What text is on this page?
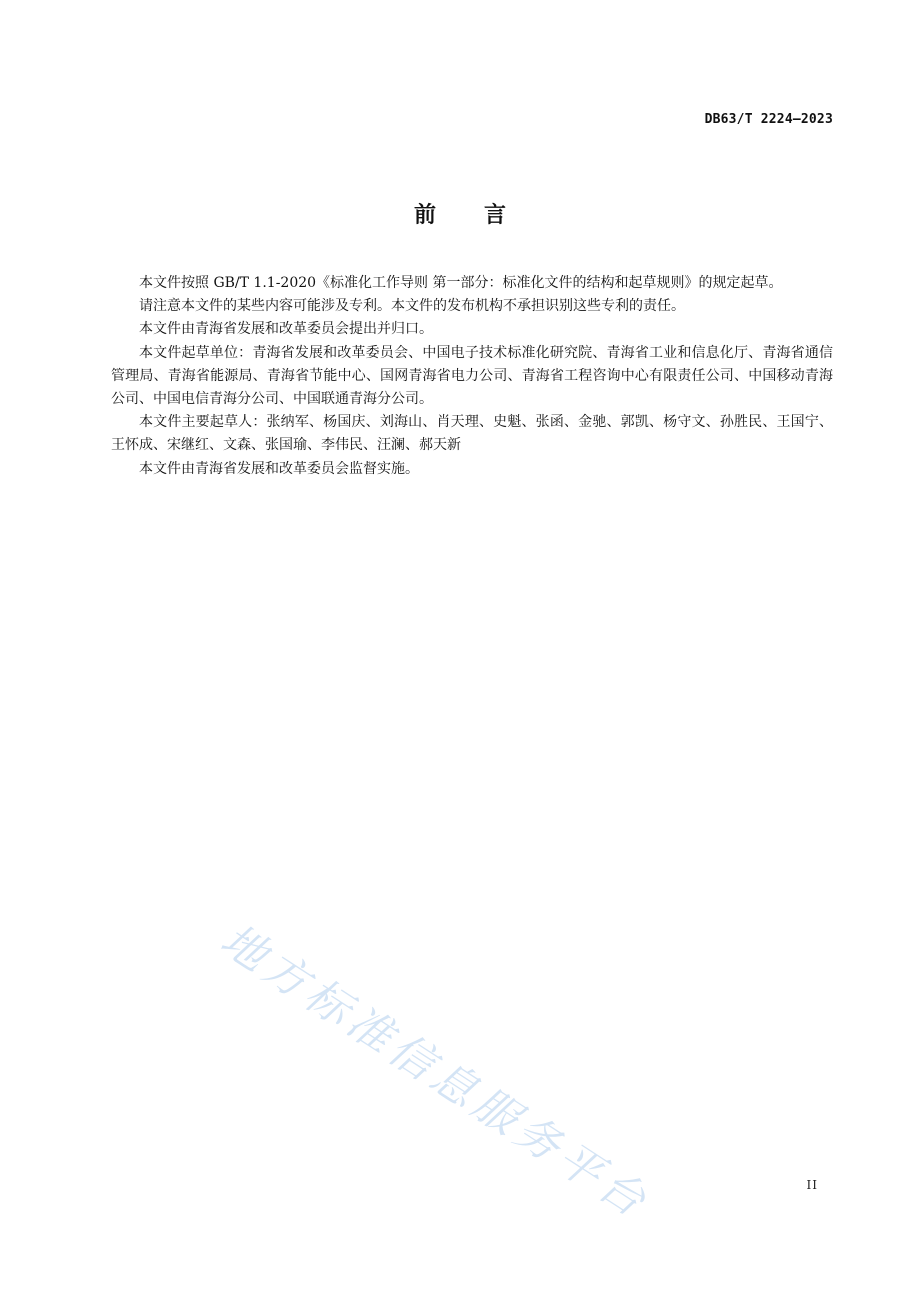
DB63/T 2224—2023
前言

本文件按照 GB/T 1.1-2020《标准化工作导则 第一部分：标准化文件的结构和起草规则》的规定起草。

请注意本文件的某些内容可能涉及专利。本文件的发布机构不承担识别这些专利的责任。

本文件由青海省发展和改革委员会提出并归口。

本文件起草单位：青海省发展和改革委员会、中国电子技术标准化研究院、青海省工业和信息化厅、青海省通信管理局、青海省能源局、青海省节能中心、国网青海省电力公司、青海省工程咨询中心有限责任公司、中国移动青海公司、中国电信青海分公司、中国联通青海分公司。

本文件主要起草人：张纳军、杨国庆、刘海山、肖天理、史魁、张函、金驰、郭凯、杨守文、孙胜民、王国宁、王怀成、宋继红、文森、张国瑜、李伟民、汪澜、郝天新

本文件由青海省发展和改革委员会监督实施。

地方标准信息服务平台	II
